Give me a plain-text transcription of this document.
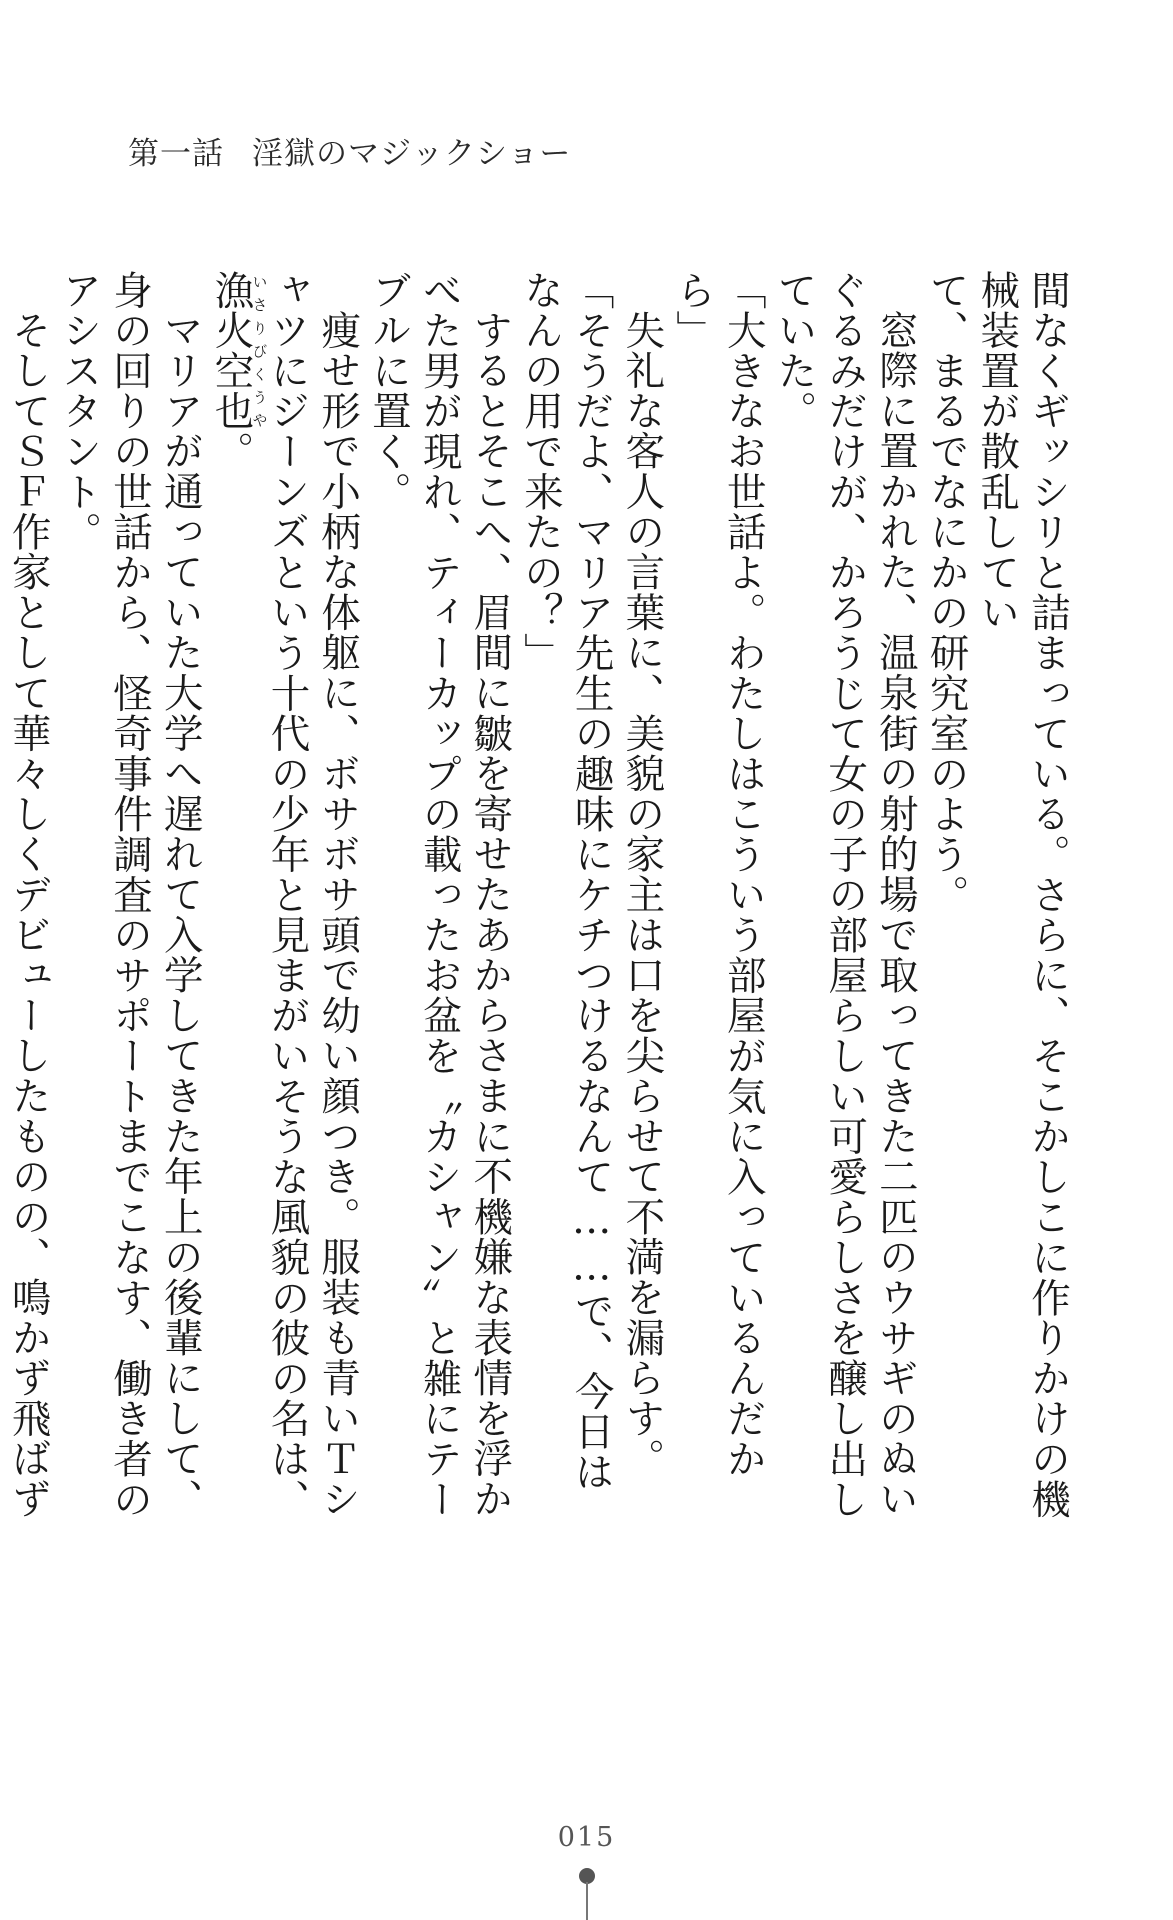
第一話 淫獄のマジックショー

間なくギッシリと詰まっている。さらに、そこかしこに作りかけの機械装置が散乱してい

て、まるでなにかの研究室のよう。

窓際に置かれた、温泉街の射的場で取ってきた二匹のウサギのぬいぐるみだけが、かろうじて女の子の部屋らしい可愛らしさを醸し出していた。

「大きなお世話よ。わたしはこういう部屋が気に入っているんだから」

失礼な客人の言葉に、美貌の家主は口を尖らせて不満を漏らす。

「そうだよ、マリア先生の趣味にケチつけるなんて……で、今日はなんの用で来たの？」

するとそこへ、眉間に皺を寄せたあからさまに不機嫌な表情を浮かべた男が現れ、ティーカップの載ったお盆を〝カシャン〟と雑にテーブルに置く。

痩せ形で小柄な体躯に、ボサボサ頭で幼い顔つき。服装も青いＴシャツにジーンズという十代の少年と見まがいそうな風貌の彼の名は、漁火空也いさりびくうや。

マリアが通っていた大学へ遅れて入学してきた年上の後輩にして、身の回りの世話から、怪奇事件調査のサポートまでこなす、働き者のアシスタント。

そしてＳＦ作家として華々しくデビューしたものの、鳴かず飛ばず

015
